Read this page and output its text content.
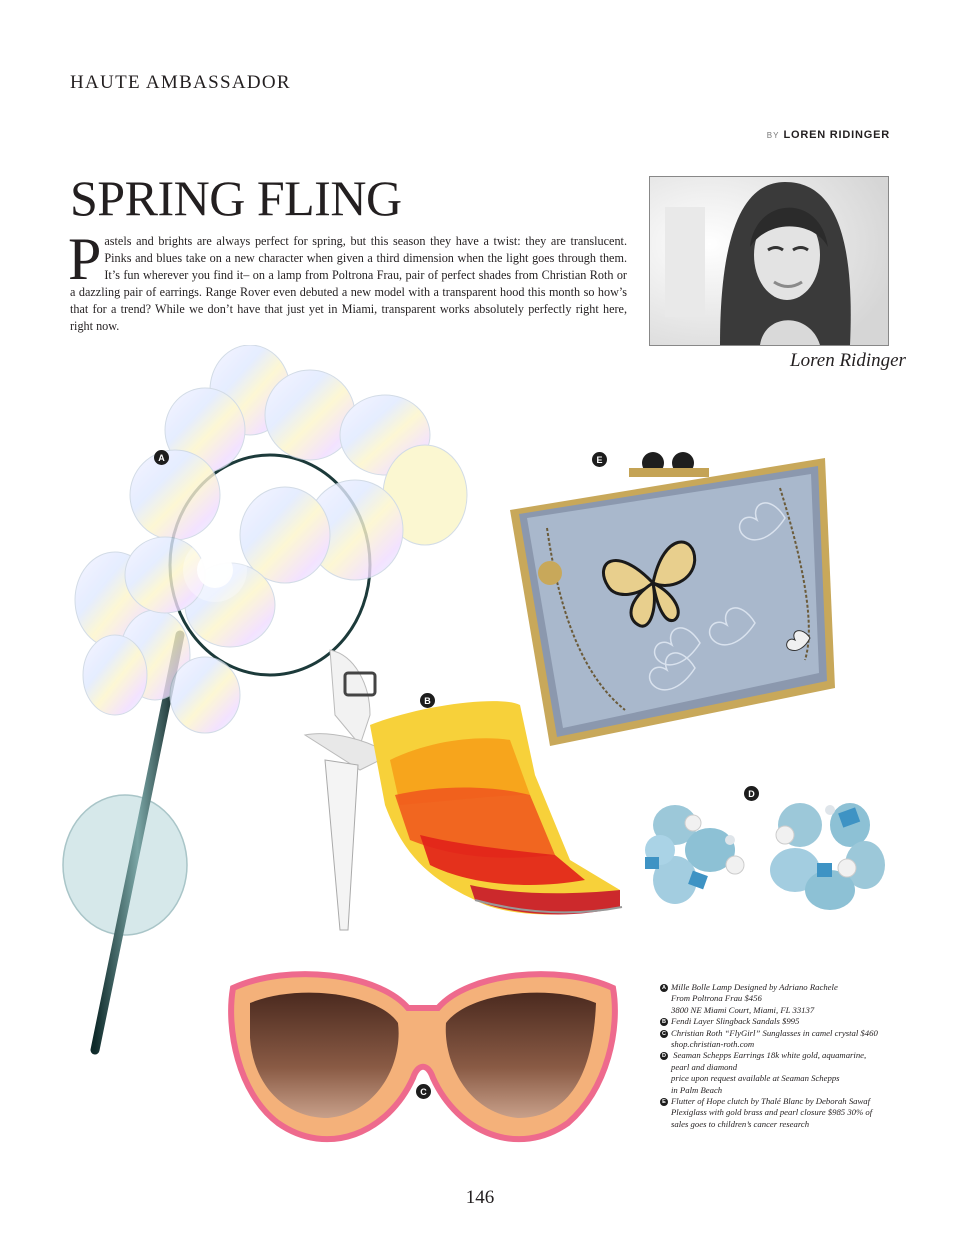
HAUTE AMBASSADOR
BY LOREN RIDINGER
SPRING FLING
Pastels and brights are always perfect for spring, but this season they have a twist: they are translucent. Pinks and blues take on a new character when given a third dimension when the light goes through them. It’s fun wherever you find it– on a lamp from Poltrona Frau, pair of perfect shades from Christian Roth or a dazzling pair of earrings. Range Rover even debuted a new model with a transparent hood this month so how’s that for a trend? While we don’t have that just yet in Miami, transparent works absolutely perfectly right here, right now.
Loren Ridinger
A	E
B
D
C
A Mille Bolle Lamp Designed by Adriano Rachele
From Poltrona Frau $456
3800 NE Miami Court, Miami, FL 33137
B Fendi Layer Slingback Sandals $995
C Christian Roth “FlyGirl” Sunglasses in camel crystal $460
shop.christian-roth.com
D Seaman Schepps Earrings 18k white gold, aquamarine,
pearl and diamond
price upon request available at Seaman Schepps
in Palm Beach
E Flutter of Hope clutch by Thalé Blanc by Deborah Sawaf
Plexiglass with gold brass and pearl closure $985 30% of
sales goes to children’s cancer research
146
